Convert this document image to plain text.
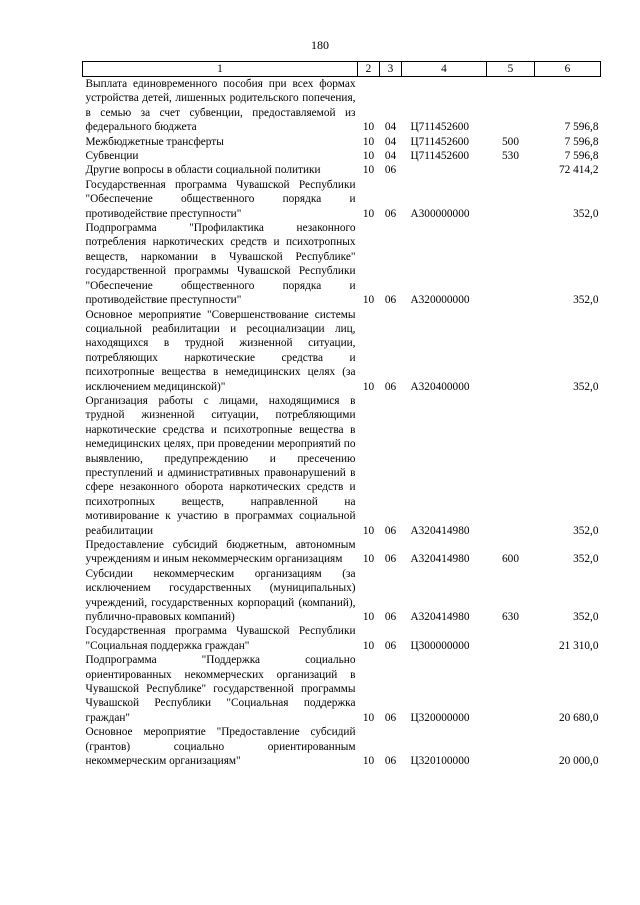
180
1	2	3	4	5	6
Выплата единовременного пособия при всех формах устройства детей, лишенных родительского попечения, в семью за счет субвенции, предоставляемой из федерального бюджета	10	04	Ц711452600		7 596,8
Межбюджетные трансферты	10	04	Ц711452600	500	7 596,8
Субвенции	10	04	Ц711452600	530	7 596,8
Другие вопросы в области социальной политики	10	06			72 414,2
Государственная программа Чувашской Республики "Обеспечение общественного порядка и противодействие преступности"	10	06	А300000000		352,0
Подпрограмма "Профилактика незаконного потребления наркотических средств и психотропных веществ, наркомании в Чувашской Республике" государственной программы Чувашской Республики "Обеспечение общественного порядка и противодействие преступности"	10	06	А320000000		352,0
Основное мероприятие "Совершенствование системы социальной реабилитации и ресоциализации лиц, находящихся в трудной жизненной ситуации, потребляющих наркотические средства и психотропные вещества в немедицинских целях (за исключением медицинской)"	10	06	А320400000		352,0
Организация работы с лицами, находящимися в трудной жизненной ситуации, потребляющими наркотические средства и психотропные вещества в немедицинских целях, при проведении мероприятий по выявлению, предупреждению и пресечению преступлений и административных правонарушений в сфере незаконного оборота наркотических средств и психотропных веществ, направленной на мотивирование к участию в программах социальной реабилитации	10	06	А320414980		352,0
Предоставление субсидий бюджетным, автономным учреждениям и иным некоммерческим организациям	10	06	А320414980	600	352,0
Субсидии некоммерческим организациям (за исключением государственных (муниципальных) учреждений, государственных корпораций (компаний), публично-правовых компаний)	10	06	А320414980	630	352,0
Государственная программа Чувашской Республики "Социальная поддержка граждан"	10	06	Ц300000000		21 310,0
Подпрограмма "Поддержка социально ориентированных некоммерческих организаций в Чувашской Республике" государственной программы Чувашской Республики "Социальная поддержка граждан"	10	06	Ц320000000		20 680,0
Основное мероприятие "Предоставление субсидий (грантов) социально ориентированным некоммерческим организациям"	10	06	Ц320100000		20 000,0
